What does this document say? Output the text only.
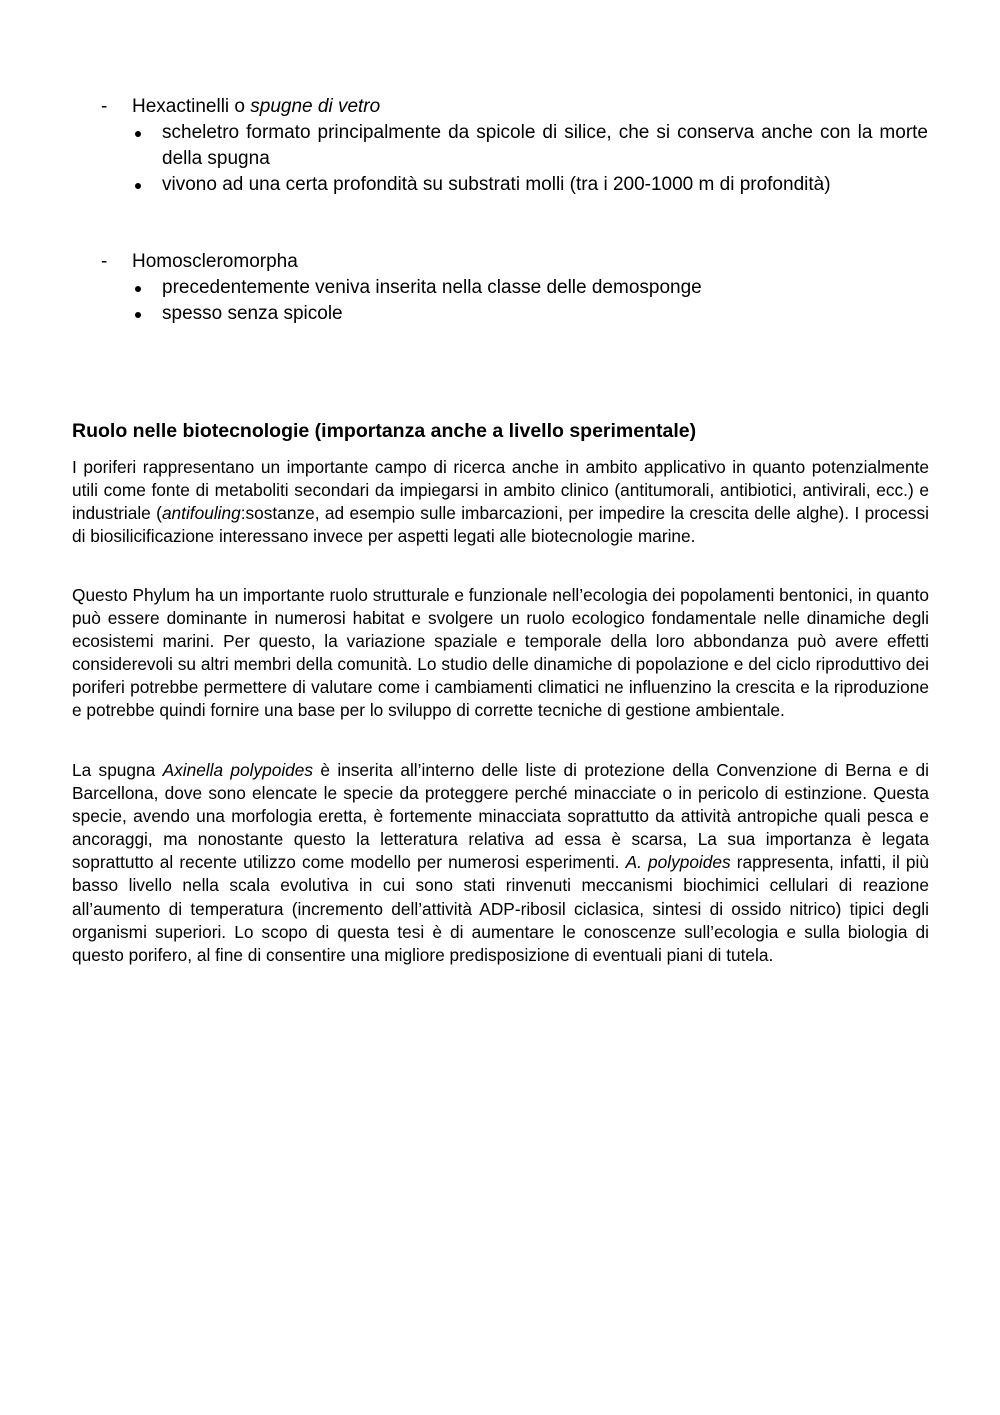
- Hexactinelli o spugne di vetro
scheletro formato principalmente da spicole di silice, che si conserva anche con la morte della spugna
vivono ad una certa profondità su substrati molli (tra i 200-1000 m di profondità)
- Homoscleromorpha
precedentemente veniva inserita nella classe delle demosponge
spesso senza spicole
Ruolo nelle biotecnologie (importanza anche a livello sperimentale)

I poriferi rappresentano un importante campo di ricerca anche in ambito applicativo in quanto potenzialmente utili come fonte di metaboliti secondari da impiegarsi in ambito clinico (antitumorali, antibiotici, antivirali, ecc.) e industriale (antifouling:sostanze, ad esempio sulle imbarcazioni, per impedire la crescita delle alghe). I processi di biosilicificazione interessano invece per aspetti legati alle biotecnologie marine.

Questo Phylum ha un importante ruolo strutturale e funzionale nell’ecologia dei popolamenti bentonici, in quanto può essere dominante in numerosi habitat e svolgere un ruolo ecologico fondamentale nelle dinamiche degli ecosistemi marini. Per questo, la variazione spaziale e temporale della loro abbondanza può avere effetti considerevoli su altri membri della comunità. Lo studio delle dinamiche di popolazione e del ciclo riproduttivo dei poriferi potrebbe permettere di valutare come i cambiamenti climatici ne influenzino la crescita e la riproduzione e potrebbe quindi fornire una base per lo sviluppo di corrette tecniche di gestione ambientale.

La spugna Axinella polypoides è inserita all’interno delle liste di protezione della Convenzione di Berna e di Barcellona, dove sono elencate le specie da proteggere perché minacciate o in pericolo di estinzione. Questa specie, avendo una morfologia eretta, è fortemente minacciata soprattutto da attività antropiche quali pesca e ancoraggi, ma nonostante questo la letteratura relativa ad essa è scarsa, La sua importanza è legata soprattutto al recente utilizzo come modello per numerosi esperimenti. A. polypoides rappresenta, infatti, il più basso livello nella scala evolutiva in cui sono stati rinvenuti meccanismi biochimici cellulari di reazione all’aumento di temperatura (incremento dell’attività ADP-ribosil ciclasica, sintesi di ossido nitrico) tipici degli organismi superiori. Lo scopo di questa tesi è di aumentare le conoscenze sull’ecologia e sulla biologia di questo porifero, al fine di consentire una migliore predisposizione di eventuali piani di tutela.
